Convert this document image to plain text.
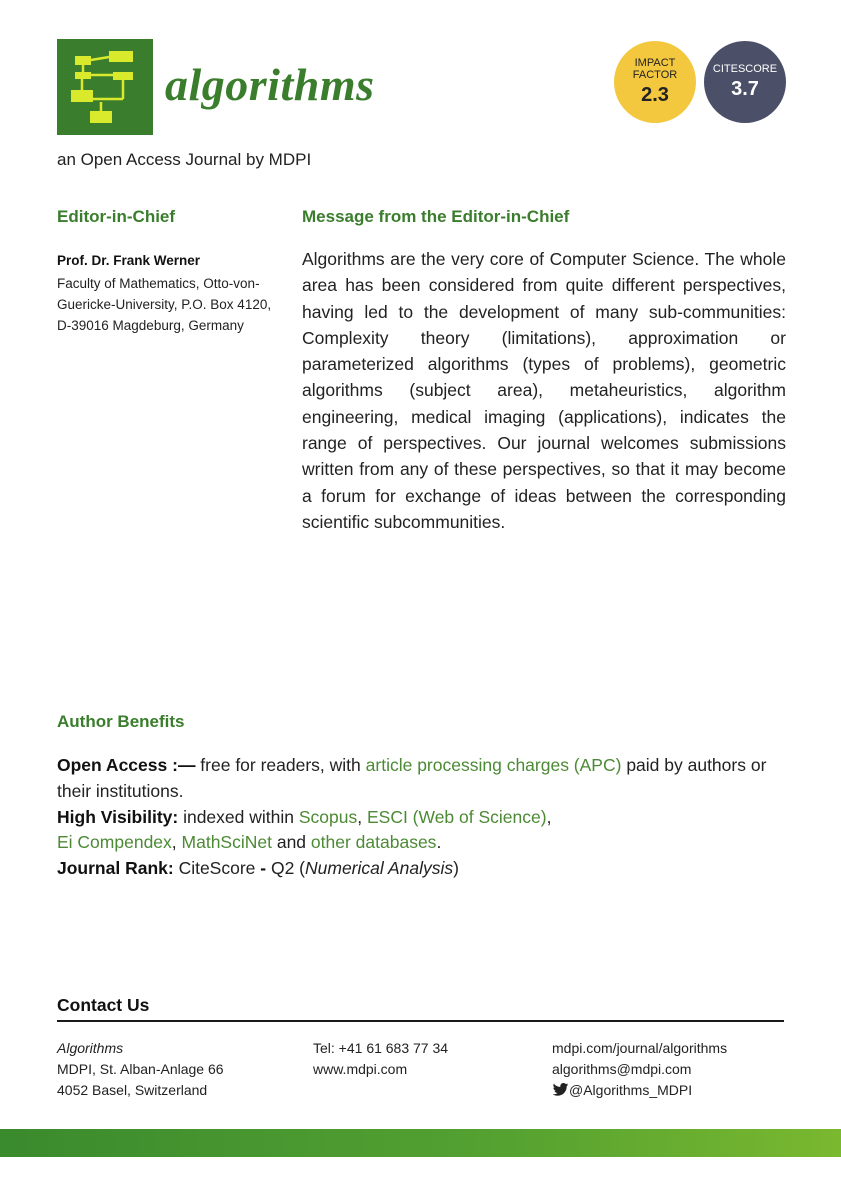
algorithms
an Open Access Journal by MDPI
IMPACT
FACTOR
2.3
CITESCORE
3.7
Editor-in-Chief
Prof. Dr. Frank Werner
Faculty of Mathematics, Otto-von-Guericke-University, P.O. Box 4120, D-39016 Magdeburg, Germany
Message from the Editor-in-Chief
Algorithms are the very core of Computer Science. The whole area has been considered from quite different perspectives, having led to the development of many sub-communities: Complexity theory (limitations), approximation or parameterized algorithms (types of problems), geometric algorithms (subject area), metaheuristics, algorithm engineering, medical imaging (applications), indicates the range of perspectives. Our journal welcomes submissions written from any of these perspectives, so that it may become a forum for exchange of ideas between the corresponding scientific subcommunities.
Author Benefits
Open Access :— free for readers, with article processing charges (APC) paid by authors or their institutions.
High Visibility: indexed within Scopus, ESCI (Web of Science),
Ei Compendex, MathSciNet and other databases.
Journal Rank: CiteScore - Q2 (Numerical Analysis)
Contact Us
Algorithms
MDPI, St. Alban-Anlage 66
4052 Basel, Switzerland
Tel: +41 61 683 77 34
www.mdpi.com
mdpi.com/journal/algorithms
algorithms@mdpi.com
@Algorithms_MDPI
